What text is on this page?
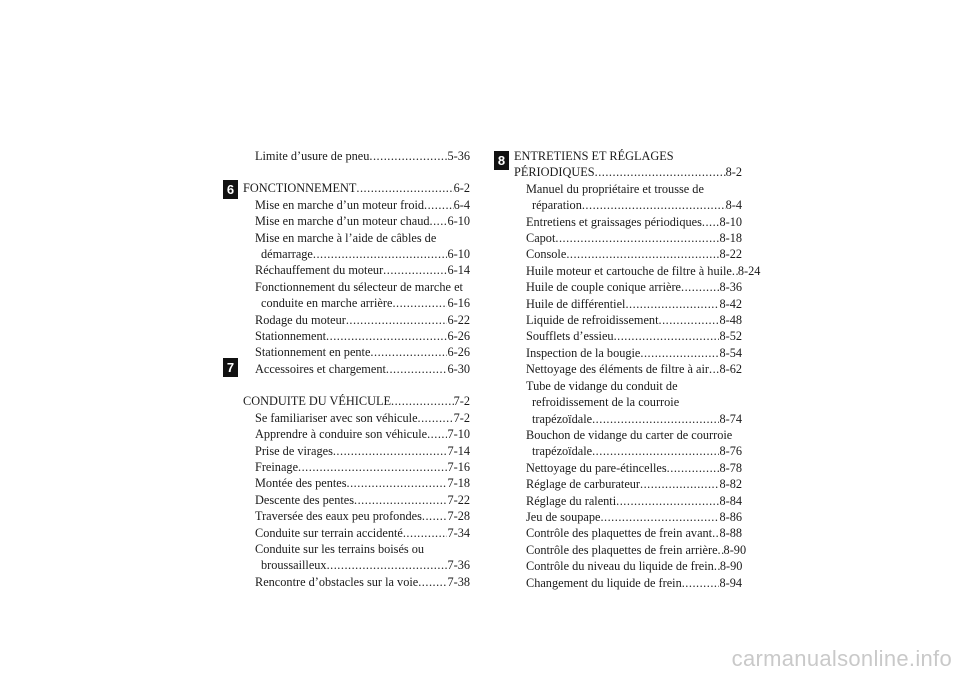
6
7
8
Limite d’usure de pneu .....	5-36
FONCTIONNEMENT .....	6-2
Mise en marche d’un moteur froid ..... 6-4
Mise en marche d’un moteur chaud ..... 6-10
Mise en marche à l’aide de câbles de
démarrage .....	6-10
Réchauffement du moteur .....	6-14
Fonctionnement du sélecteur de marche et
conduite en marche arrière .....	6-16
Rodage du moteur .....	6-22
Stationnement .....	6-26
Stationnement en pente .....	6-26
Accessoires et chargement .....	6-30
CONDUITE DU VÉHICULE .....	7-2
Se familiariser avec son véhicule .....	7-2
Apprendre à conduire son véhicule ..... 7-10
Prise de virages .....	7-14
Freinage .....	7-16
Montée des pentes .....	7-18
Descente des pentes .....	7-22
Traversée des eaux peu profondes ..... 7-28
Conduite sur terrain accidenté .....	7-34
Conduite sur les terrains boisés ou
broussailleux .....	7-36
Rencontre d’obstacles sur la voie ..... 7-38
ENTRETIENS ET RÉGLAGES
PÉRIODIQUES .....	8-2
Manuel du propriétaire et trousse de
réparation .....	8-4
Entretiens et graissages périodiques ..... 8-10
Capot .....	8-18
Console .....	8-22
Huile moteur et cartouche de filtre à huile ..... 8-24
Huile de couple conique arrière .....	8-36
Huile de différentiel .....	8-42
Liquide de refroidissement .....	8-48
Soufflets d’essieu .....	8-52
Inspection de la bougie .....	8-54
Nettoyage des éléments de filtre à air ..... 8-62
Tube de vidange du conduit de
refroidissement de la courroie
trapézoïdale .....	8-74
Bouchon de vidange du carter de courroie
trapézoïdale .....	8-76
Nettoyage du pare-étincelles .....	8-78
Réglage de carburateur .....	8-82
Réglage du ralenti .....	8-84
Jeu de soupape .....	8-86
Contrôle des plaquettes de frein avant ..... 8-88
Contrôle des plaquettes de frein arrière ..... 8-90
Contrôle du niveau du liquide de frein ..... 8-90
Changement du liquide de frein .....	8-94
carmanualsonline.info
